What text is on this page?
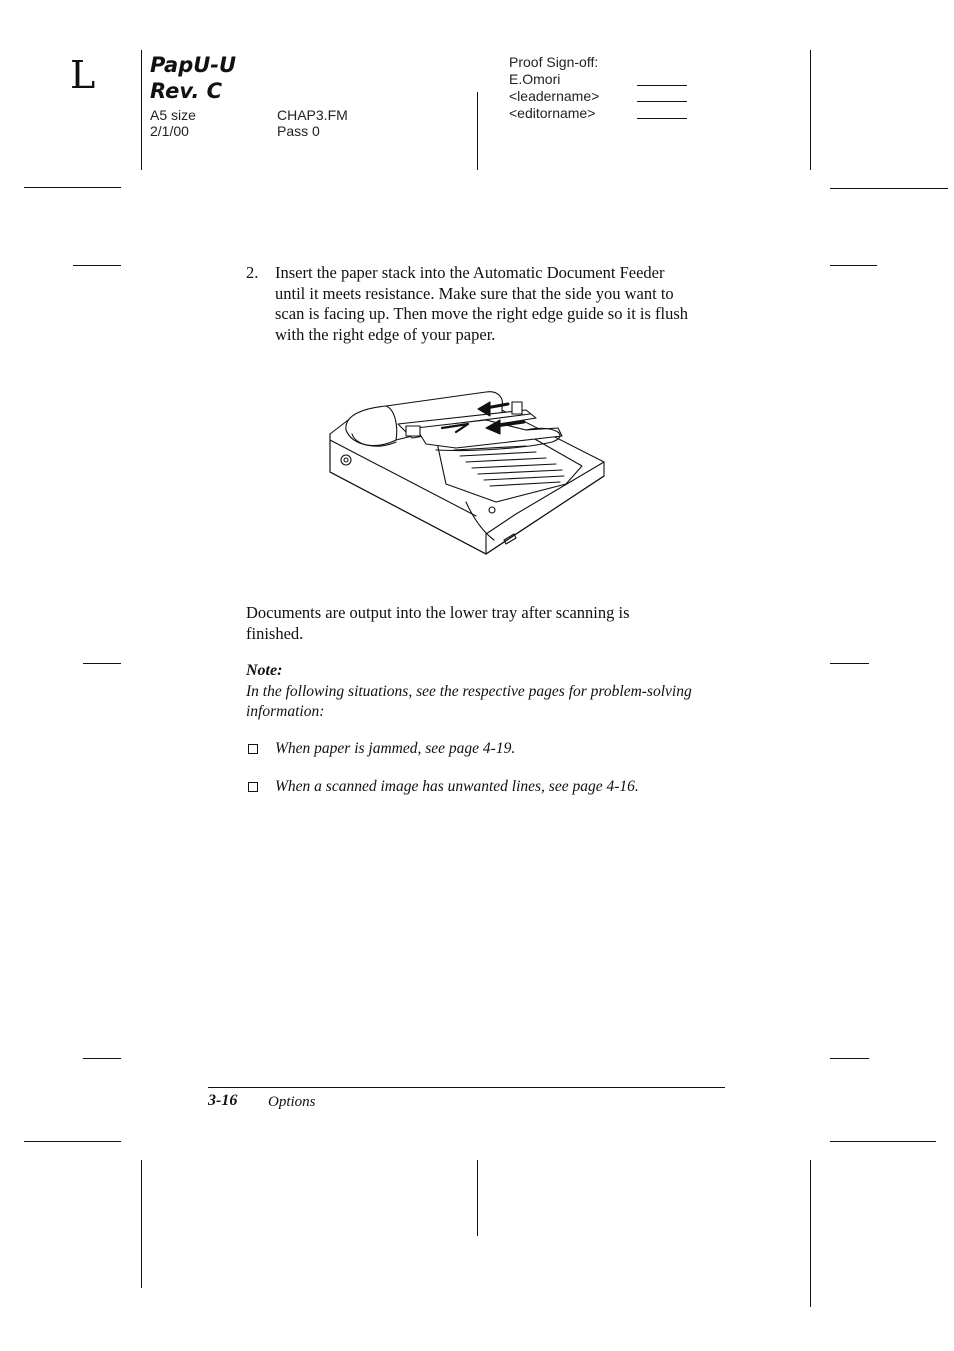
L	PapU-U
Rev. C
A5 size
2/1/00
CHAP3.FM
Pass 0
Proof Sign-off:
E.Omori
<leadername>
<editorname>
2. Insert the paper stack into the Automatic Document Feeder
until it meets resistance. Make sure that the side you want to
scan is facing up. Then move the right edge guide so it is flush
with the right edge of your paper.
Documents are output into the lower tray after scanning is
finished.
Note:
In the following situations, see the respective pages for problem-solving
information:
When paper is jammed, see page 4-19.
When a scanned image has unwanted lines, see page 4-16.
3-16 Options
